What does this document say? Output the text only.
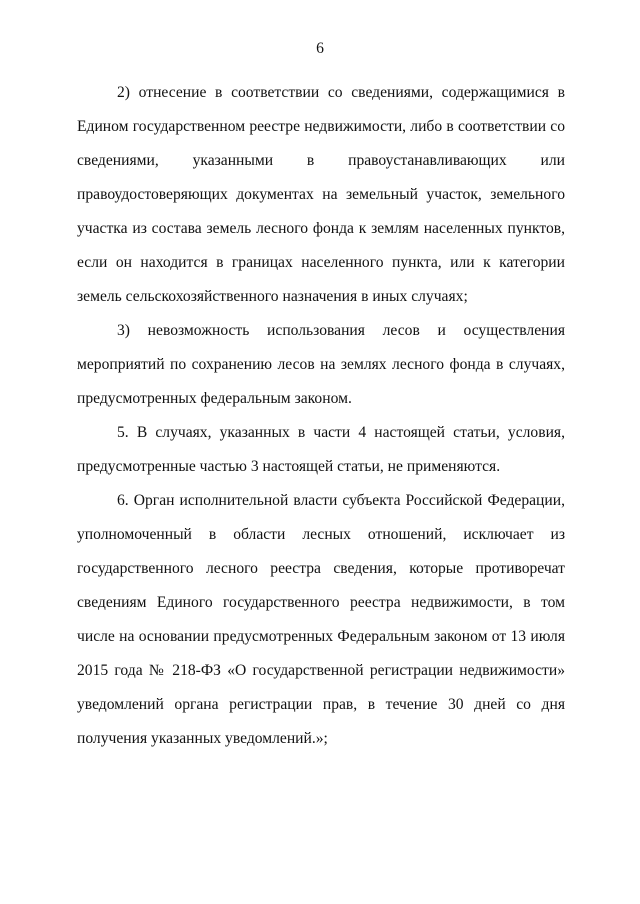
6

2) отнесение в соответствии со сведениями, содержащимися в Едином государственном реестре недвижимости, либо в соответствии со сведениями, указанными в правоустанавливающих или правоудостоверяющих документах на земельный участок, земельного участка из состава земель лесного фонда к землям населенных пунктов, если он находится в границах населенного пункта, или к категории земель сельскохозяйственного назначения в иных случаях;

3) невозможность использования лесов и осуществления мероприятий по сохранению лесов на землях лесного фонда в случаях, предусмотренных федеральным законом.

5. В случаях, указанных в части 4 настоящей статьи, условия, предусмотренные частью 3 настоящей статьи, не применяются.

6. Орган исполнительной власти субъекта Российской Федерации, уполномоченный в области лесных отношений, исключает из государственного лесного реестра сведения, которые противоречат сведениям Единого государственного реестра недвижимости, в том числе на основании предусмотренных Федеральным законом от 13 июля 2015 года № 218-ФЗ «О государственной регистрации недвижимости» уведомлений органа регистрации прав, в течение 30 дней со дня получения указанных уведомлений.»;
